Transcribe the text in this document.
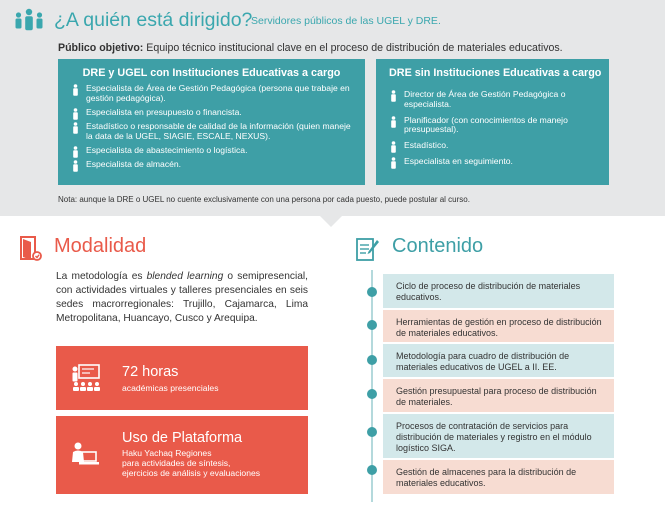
¿A quién está dirigido?
Servidores públicos de las UGEL y DRE.
Público objetivo: Equipo técnico institucional clave en el proceso de distribución de materiales educativos.
DRE y UGEL con Instituciones Educativas a cargo
Especialista de Área de Gestión Pedagógica (persona que trabaje en gestión pedagógica).
Especialista en presupuesto o financista.
Estadístico o responsable de calidad de la información (quien maneje la data de la UGEL, SIAGIE, ESCALE, NEXUS).
Especialista de abastecimiento o logística.
Especialista de almacén.
DRE sin Instituciones Educativas a cargo
Director de Área de Gestión Pedagógica o especialista.
Planificador (con conocimientos de manejo presupuestal).
Estadístico.
Especialista en seguimiento.
Nota: aunque la DRE o UGEL no cuente exclusivamente con una persona por cada puesto, puede postular al curso.
Modalidad

La metodología es blended learning o semipresencial, con actividades virtuales y talleres presenciales en seis sedes macrorregionales: Trujillo, Cajamarca, Lima Metropolitana, Huancayo, Cusco y Arequipa.

72 horas
académicas presenciales
Uso de Plataforma
Haku Yachaq Regiones
para actividades de síntesis,
ejercicios de análisis y evaluaciones
Contenido
Ciclo de proceso de distribución de materiales educativos.
Herramientas de gestión en proceso de distribución de materiales educativos.
Metodología para cuadro de distribución de materiales educativos de UGEL a II. EE.
Gestión presupuestal para proceso de distribución de materiales.
Procesos de contratación de servicios para distribución de materiales y registro en el módulo logístico SIGA.
Gestión de almacenes para la distribución de materiales educativos.
